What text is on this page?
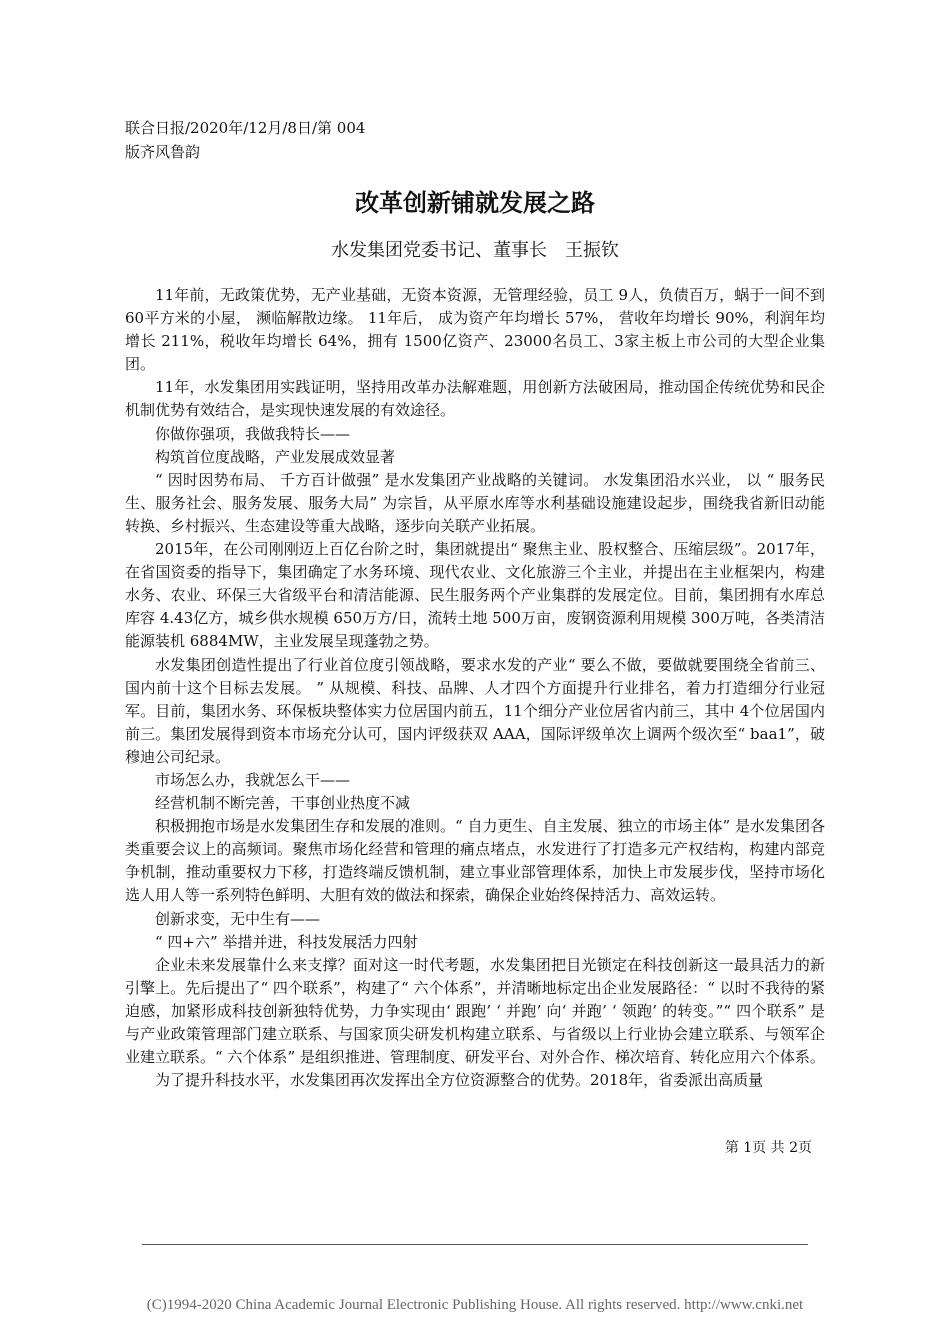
联合日报/2020年/12月/8日/第 004
版齐风鲁韵
改革创新铺就发展之路
水发集团党委书记、董事长　王振钦

11年前，无政策优势，无产业基础，无资本资源，无管理经验，员工 9人，负债百万，蜗于一间不到 60平方米的小屋， 濒临解散边缘。 11年后， 成为资产年均增长 57%， 营收年均增长 90%，利润年均增长 211%，税收年均增长 64%，拥有 1500亿资产、23000名员工、3家主板上市公司的大型企业集团。

11年，水发集团用实践证明，坚持用改革办法解难题，用创新方法破困局，推动国企传统优势和民企机制优势有效结合，是实现快速发展的有效途径。

你做你强项，我做我特长——

构筑首位度战略，产业发展成效显著

“ 因时因势布局、 千方百计做强” 是水发集团产业战略的关键词。 水发集团沿水兴业， 以 “ 服务民生、服务社会、服务发展、服务大局” 为宗旨，从平原水库等水利基础设施建设起步，围绕我省新旧动能转换、乡村振兴、生态建设等重大战略，逐步向关联产业拓展。

2015年，在公司刚刚迈上百亿台阶之时，集团就提出“ 聚焦主业、股权整合、压缩层级”。2017年，在省国资委的指导下，集团确定了水务环境、现代农业、文化旅游三个主业，并提出在主业框架内，构建水务、农业、环保三大省级平台和清洁能源、民生服务两个产业集群的发展定位。目前，集团拥有水库总库容 4.43亿方，城乡供水规模 650万方/日，流转土地 500万亩，废钢资源利用规模 300万吨，各类清洁能源装机 6884MW，主业发展呈现蓬勃之势。

水发集团创造性提出了行业首位度引领战略，要求水发的产业“ 要么不做，要做就要围绕全省前三、国内前十这个目标去发展。 ” 从规模、科技、品牌、人才四个方面提升行业排名，着力打造细分行业冠军。目前，集团水务、环保板块整体实力位居国内前五，11个细分产业位居省内前三，其中 4个位居国内前三。集团发展得到资本市场充分认可，国内评级获双 AAA，国际评级单次上调两个级次至“ baa1”，破穆迪公司纪录。

市场怎么办，我就怎么干——

经营机制不断完善，干事创业热度不减

积极拥抱市场是水发集团生存和发展的准则。“ 自力更生、自主发展、独立的市场主体” 是水发集团各类重要会议上的高频词。聚焦市场化经营和管理的痛点堵点，水发进行了打造多元产权结构，构建内部竞争机制，推动重要权力下移，打造终端反馈机制，建立事业部管理体系，加快上市发展步伐，坚持市场化选人用人等一系列特色鲜明、大胆有效的做法和探索，确保企业始终保持活力、高效运转。

创新求变，无中生有——

“ 四+六” 举措并进，科技发展活力四射

企业未来发展靠什么来支撑？面对这一时代考题，水发集团把目光锁定在科技创新这一最具活力的新引擎上。先后提出了“ 四个联系”，构建了“ 六个体系”，并清晰地标定出企业发展路径：“ 以时不我待的紧迫感，加紧形成科技创新独特优势，力争实现由‘ 跟跑’ ‘ 并跑’ 向‘ 并跑’ ‘ 领跑’ 的转变。”“ 四个联系” 是与产业政策管理部门建立联系、与国家顶尖研发机构建立联系、与省级以上行业协会建立联系、与领军企业建立联系。“ 六个体系” 是组织推进、管理制度、研发平台、对外合作、梯次培育、转化应用六个体系。

为了提升科技水平，水发集团再次发挥出全方位资源整合的优势。2018年，省委派出高质量

第 1页 共 2页
(C)1994-2020 China Academic Journal Electronic Publishing House. All rights reserved. http://www.cnki.net
